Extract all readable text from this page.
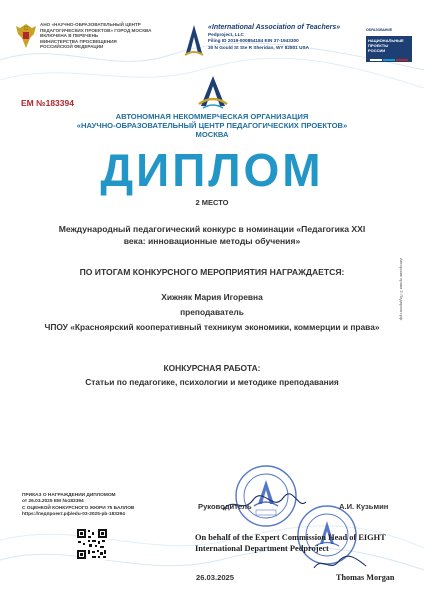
АНО «НАУЧНО-ОБРАЗОВАТЕЛЬНЫЙ ЦЕНТР
ПЕДАГОГИЧЕСКИХ ПРОЕКТОВ» ГОРОД МОСКВА
ВКЛЮЧЕНА В ПЕРЕЧЕНЬ
МИНИСТЕРСТВА ПРОСВЕЩЕНИЯ
РОССИЙСКОЙ ФЕДЕРАЦИИ
«International Association of Teachers»
Pedproject, LLC
Filing ID 2019-000854184 EIN 37-1943300
30 N Gould St Ste R Sheridan, WY 82801 USA
ОБРАЗОВАНИЕ
НАЦИОНАЛЬНЫЕ
ПРОЕКТЫ
РОССИИ
ЕМ №183394
АВТОНОМНАЯ НЕКОММЕРЧЕСКАЯ ОРГАНИЗАЦИЯ
«НАУЧНО-ОБРАЗОВАТЕЛЬНЫЙ ЦЕНТР ПЕДАГОГИЧЕСКИХ ПРОЕКТОВ»
МОСКВА
ДИПЛОМ
2 МЕСТО
Международный педагогический конкурс в номинации «Педагогика XXI века: инновационные методы обучения»
ПО ИТОГАМ КОНКУРСНОГО МЕРОПРИЯТИЯ НАГРАЖДАЕТСЯ:
Хижняк Мария Игоревна
преподаватель
ЧПОУ «Красноярский кооперативный техникум экономики, коммерции и права»
КОНКУРСНАЯ РАБОТА:
Статьи по педагогике, психологии и методике преподавания
Авторские права © Педпроект.рф
ПРИКАЗ О НАГРАЖДЕНИИ ДИПЛОМОМ
от 26.03.2025 ЕМ №183394
С ОЦЕНКОЙ КОНКУРСНОГО ЖЮРИ 75 БАЛЛОВ
https://педпроект.рф/edu-03-2025-pb-183394
Руководитель	А.И. Кузьмин
On behalf of the Expert Commission Head of EIGHT
International Department Pedproject
26.03.2025	Thomas Morgan
